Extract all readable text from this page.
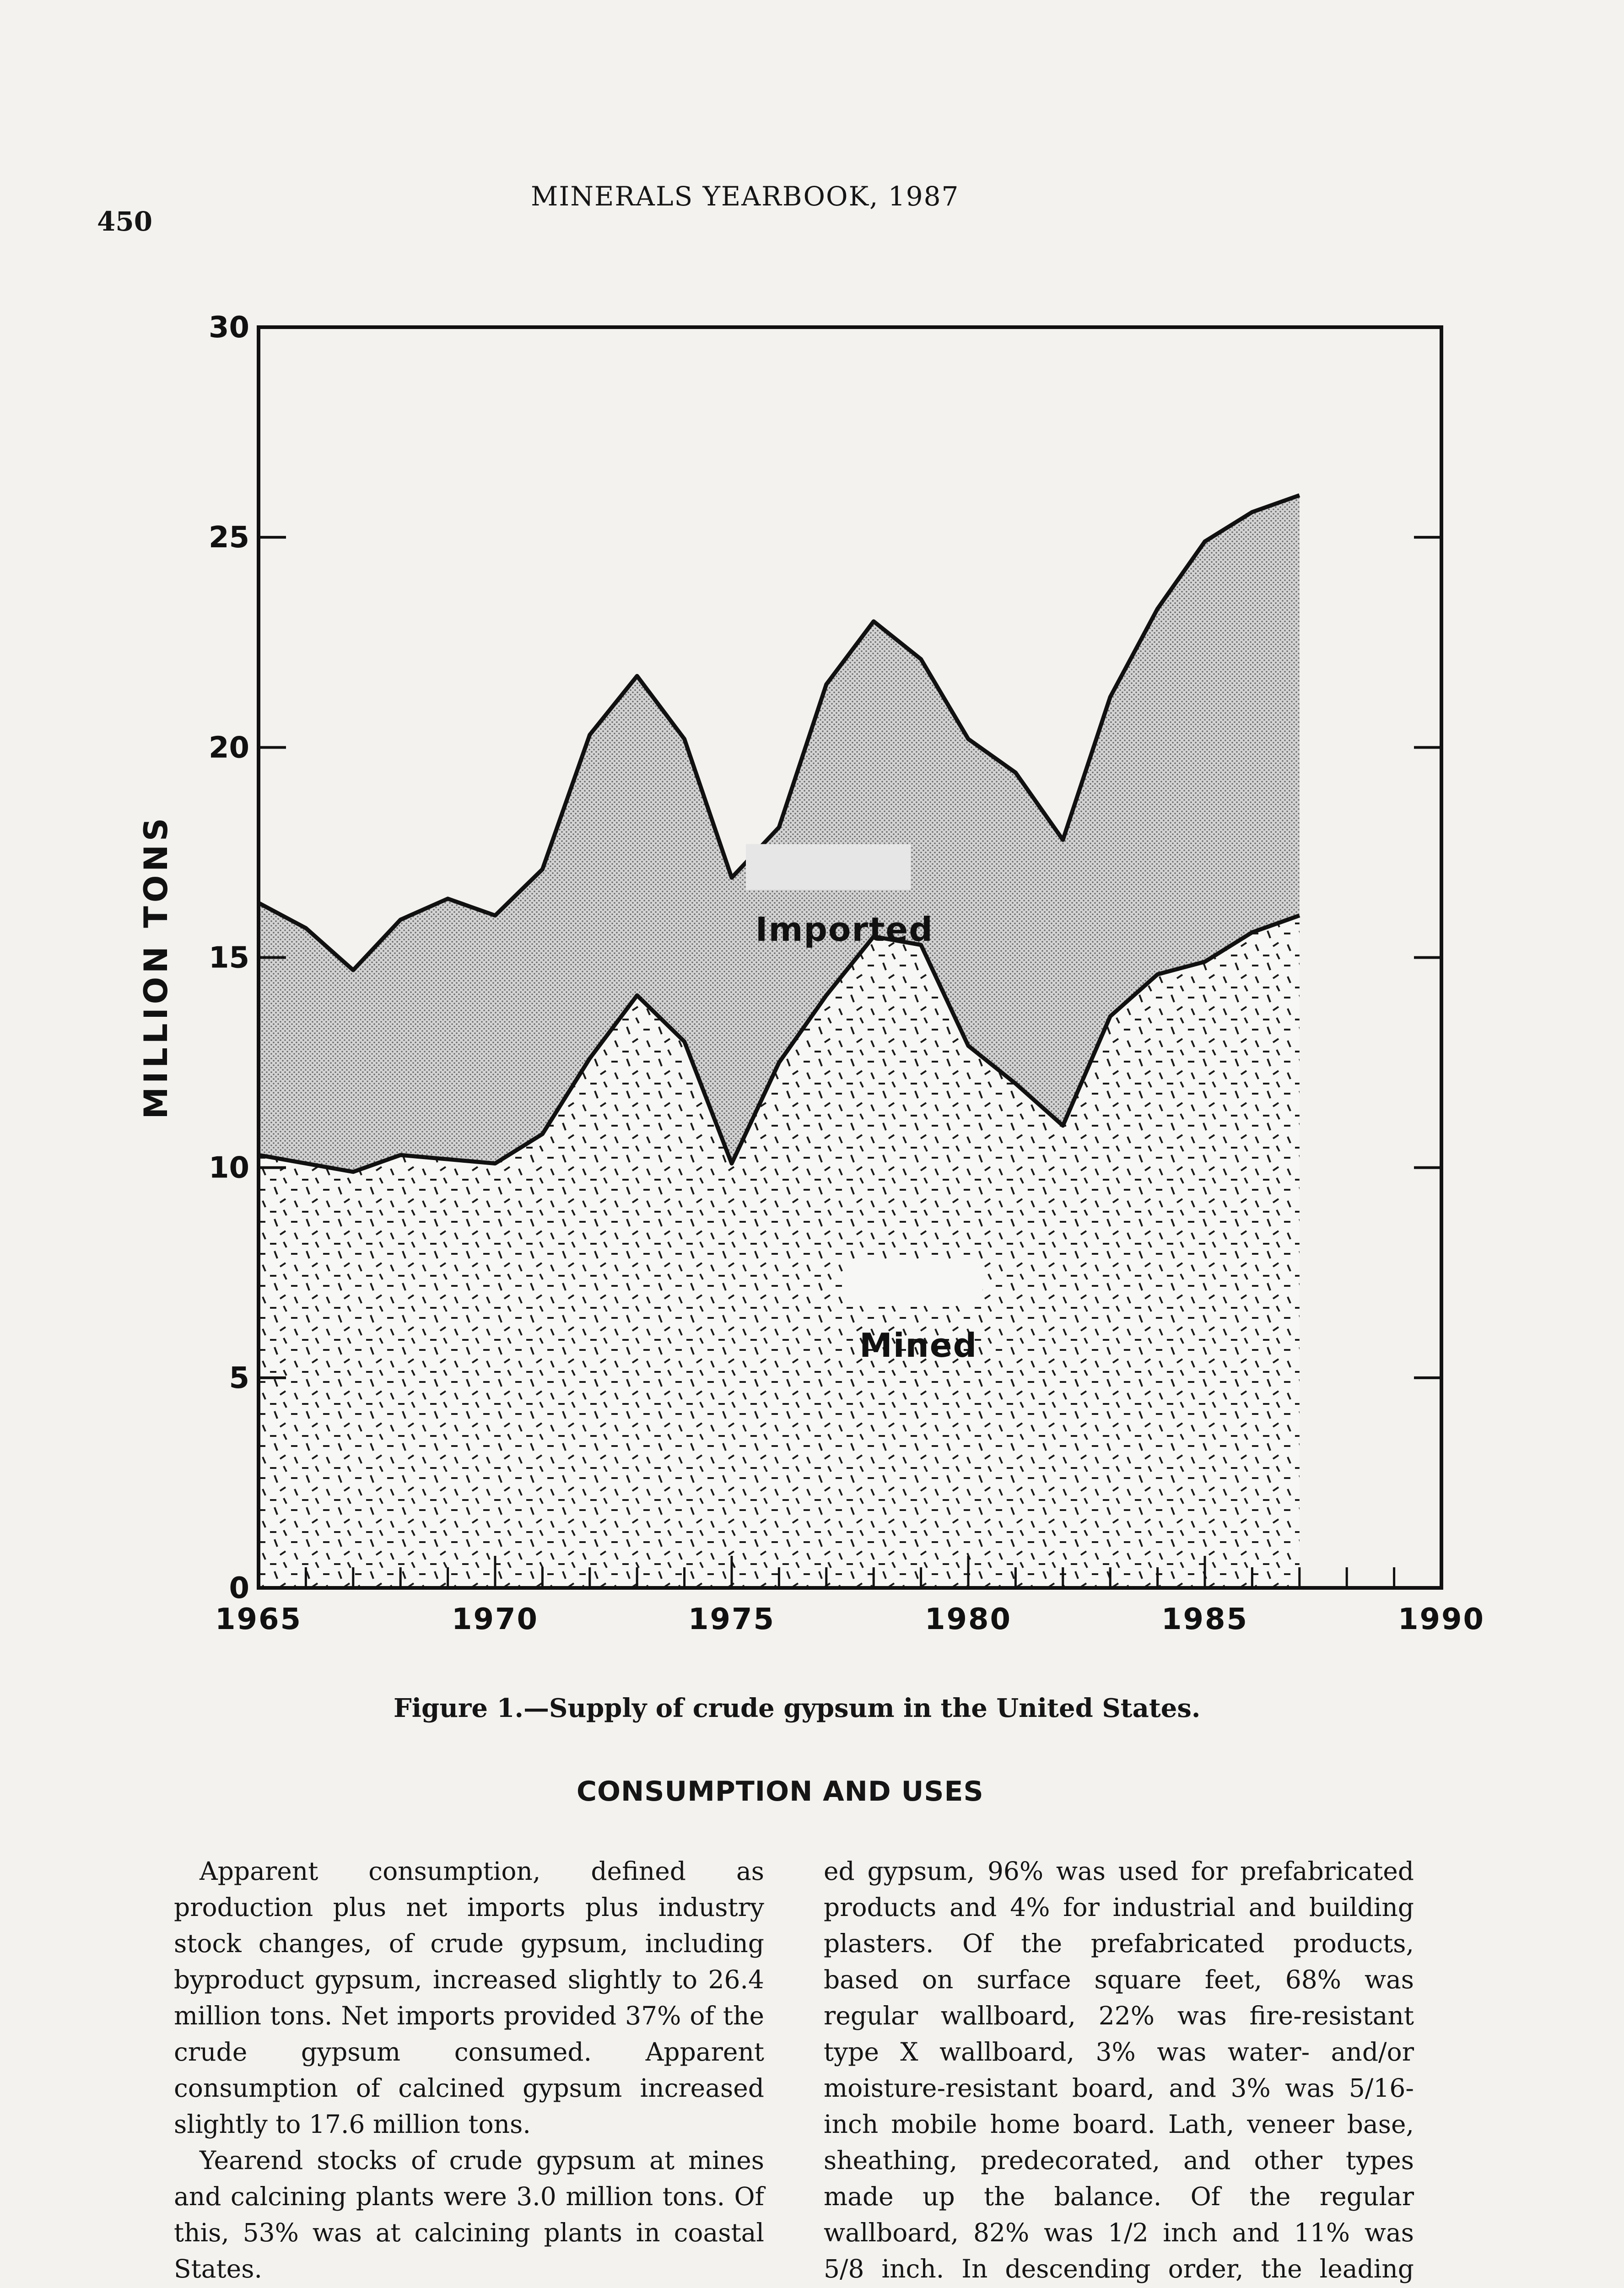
450
MINERALS YEARBOOK, 1987
0
5
10
15
20
25
30
1965	1970	1975	1980	1985	1990
MILLION TONS	Imported
Mined
Figure 1.—Supply of crude gypsum in the United States.
CONSUMPTION AND USES

Apparent consumption, defined as production plus net imports plus industry stock changes, of crude gypsum, including byproduct gypsum, increased slightly to 26.4 million tons. Net imports provided 37% of the crude gypsum consumed. Apparent consumption of calcined gypsum increased slightly to 17.6 million tons.

Yearend stocks of crude gypsum at mines and calcining plants were 3.0 million tons. Of this, 53% was at calcining plants in coastal States.

ed gypsum, 96% was used for prefabricated products and 4% for industrial and building plasters. Of the prefabricated products, based on surface square feet, 68% was regular wallboard, 22% was fire-resistant type X wallboard, 3% was water- and/or moisture-resistant board, and 3% was 5/16-inch mobile home board. Lath, veneer base, sheathing, predecorated, and other types made up the balance. Of the regular wallboard, 82% was 1/2 inch and 11% was 5/8 inch. In descending order, the leading
